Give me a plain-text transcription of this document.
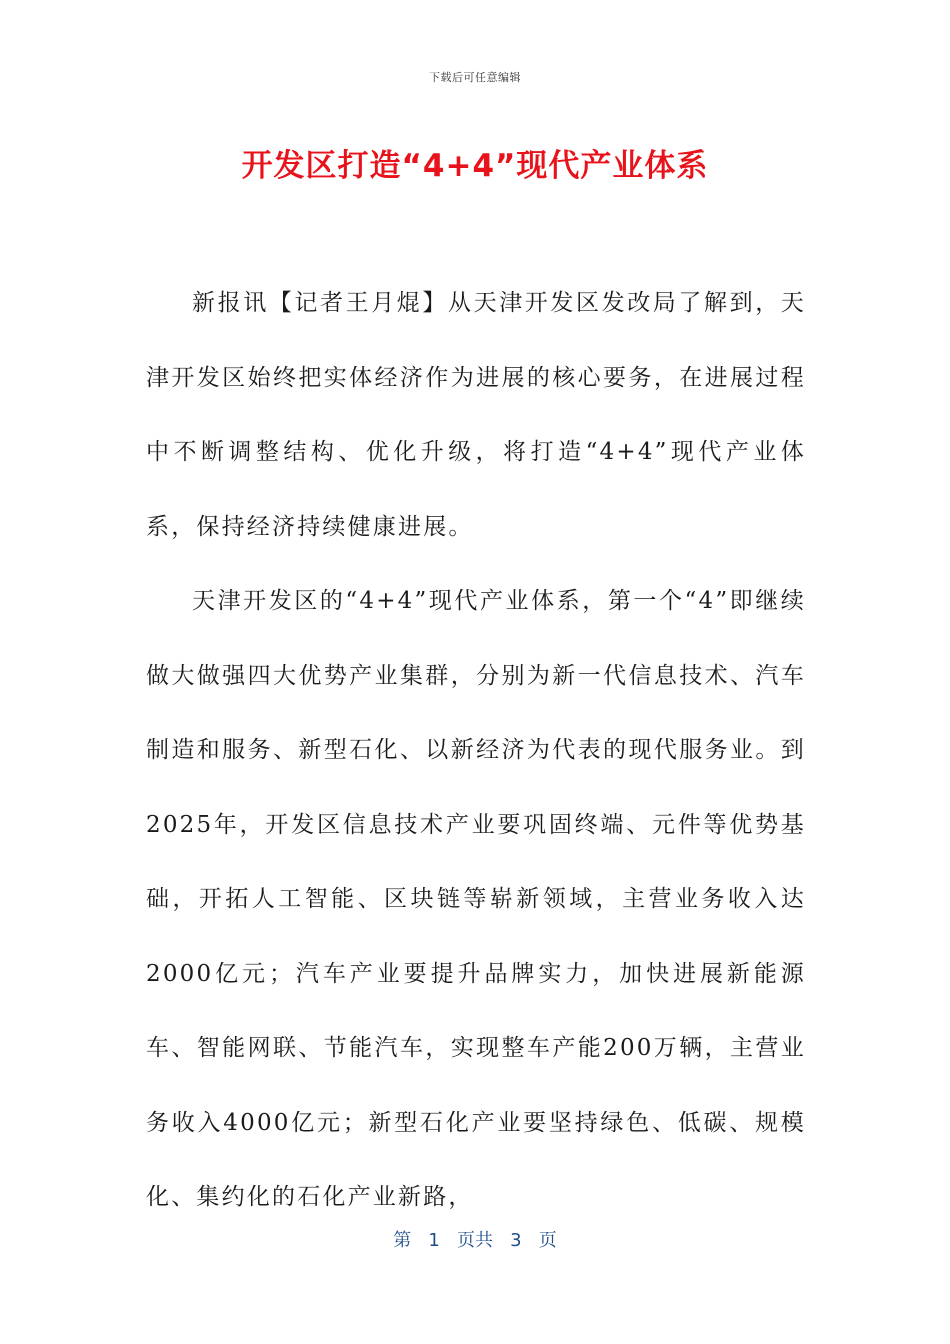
下载后可任意编辑
开发区打造“4+4”现代产业体系

新报讯【记者王月焜】从天津开发区发改局了解到，天津开发区始终把实体经济作为进展的核心要务，在进展过程中不断调整结构、优化升级，将打造“4+4”现代产业体系，保持经济持续健康进展。

天津开发区的“4+4”现代产业体系，第一个“4”即继续做大做强四大优势产业集群，分别为新一代信息技术、汽车制造和服务、新型石化、以新经济为代表的现代服务业。到2025年，开发区信息技术产业要巩固终端、元件等优势基础，开拓人工智能、区块链等崭新领域，主营业务收入达2000亿元；汽车产业要提升品牌实力，加快进展新能源车、智能网联、节能汽车，实现整车产能200万辆，主营业务收入4000亿元；新型石化产业要坚持绿色、低碳、规模化、集约化的石化产业新路，

第 1 页共 3 页
